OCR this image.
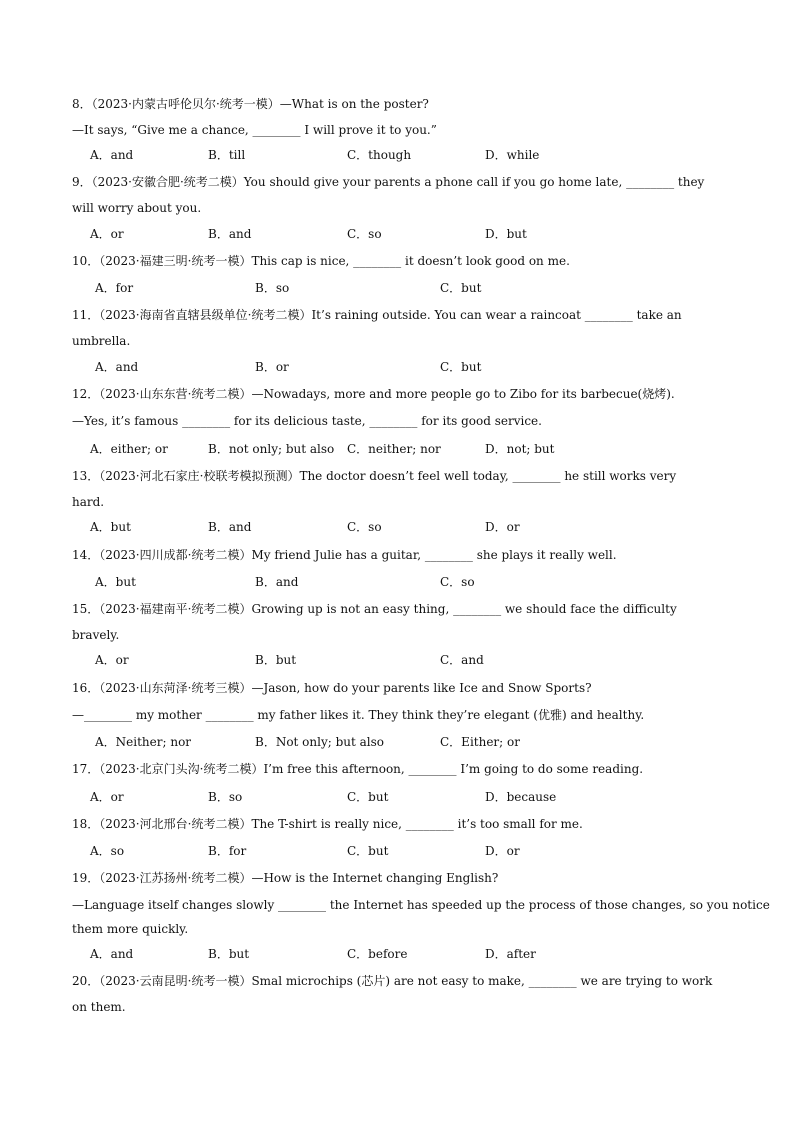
8．（2023·内蒙古呼伦贝尔·统考一模）—What is on the poster?
—It says, “Give me a chance, ________ I will prove it to you.”
A．and	B．till	C．though	D．while
9．（2023·安徽合肥·统考二模）You should give your parents a phone call if you go home late, ________ they
will worry about you.
A．or	B．and	C．so	D．but
10．（2023·福建三明·统考一模）This cap is nice, ________ it doesn’t look good on me.
A．for	B．so	C．but
11．（2023·海南省直辖县级单位·统考二模）It’s raining outside. You can wear a raincoat ________ take an
umbrella.
A．and	B．or	C．but
12．（2023·山东东营·统考二模）—Nowadays, more and more people go to Zibo for its barbecue(烧烤).
—Yes, it’s famous ________ for its delicious taste, ________ for its good service.
A．either; or	B．not only; but also C．neither; nor	D．not; but
13．（2023·河北石家庄·校联考模拟预测）The doctor doesn’t feel well today, ________ he still works very
hard.
A．but	B．and	C．so	D．or
14．（2023·四川成都·统考二模）My friend Julie has a guitar, ________ she plays it really well.
A．but	B．and	C．so
15．（2023·福建南平·统考二模）Growing up is not an easy thing, ________ we should face the difficulty
bravely.
A．or	B．but	C．and
16．（2023·山东菏泽·统考三模）—Jason, how do your parents like Ice and Snow Sports?
—________ my mother ________ my father likes it. They think they’re elegant (优雅) and healthy.
A．Neither; nor	B．Not only; but also	C．Either; or
17．（2023·北京门头沟·统考二模）I’m free this afternoon, ________ I’m going to do some reading.
A．or	B．so	C．but	D．because
18．（2023·河北邢台·统考二模）The T-shirt is really nice, ________ it’s too small for me.
A．so	B．for	C．but	D．or
19．（2023·江苏扬州·统考二模）—How is the Internet changing English?
—Language itself changes slowly ________ the Internet has speeded up the process of those changes, so you notice
them more quickly.
A．and	B．but	C．before	D．after
20．（2023·云南昆明·统考一模）Smal microchips (芯片) are not easy to make, ________ we are trying to work
on them.
